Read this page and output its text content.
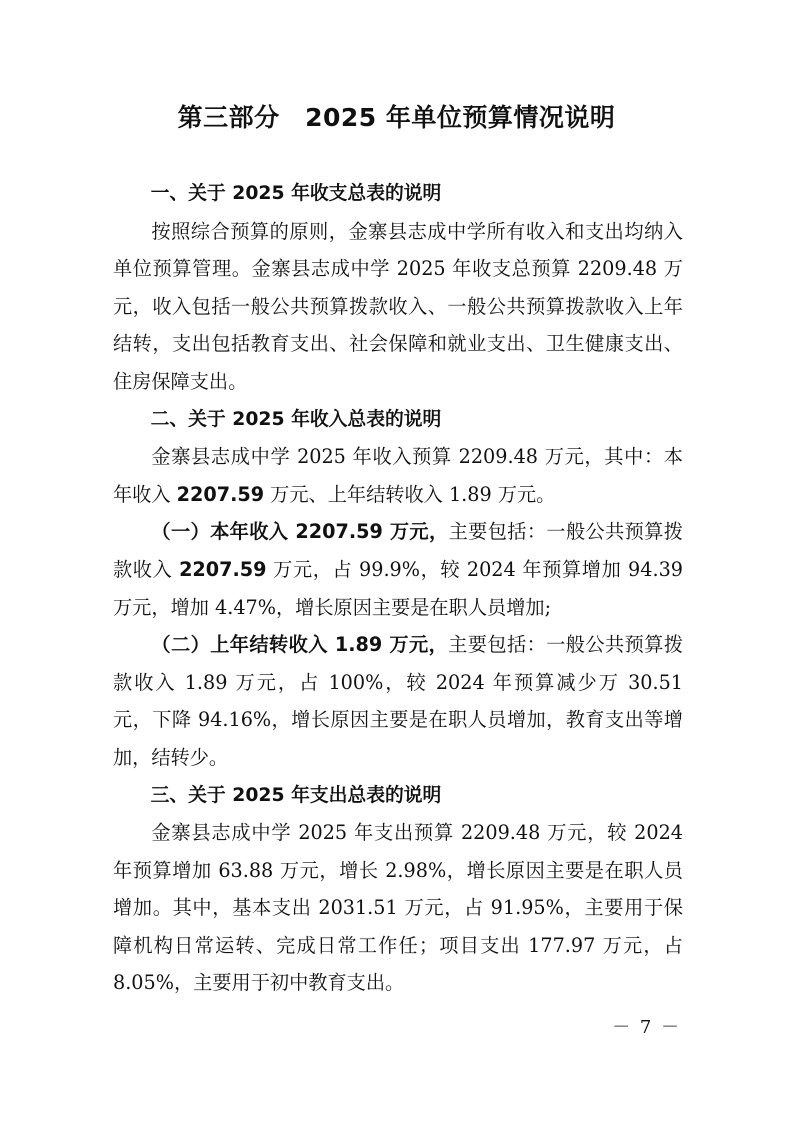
第三部分　2025 年单位预算情况说明

一、关于 2025 年收支总表的说明

按照综合预算的原则，金寨县志成中学所有收入和支出均纳入单位预算管理。金寨县志成中学 2025 年收支总预算 2209.48 万元，收入包括一般公共预算拨款收入、一般公共预算拨款收入上年结转，支出包括教育支出、社会保障和就业支出、卫生健康支出、住房保障支出。

二、关于 2025 年收入总表的说明

金寨县志成中学 2025 年收入预算 2209.48 万元，其中：本年收入 2207.59 万元、上年结转收入 1.89 万元。

（一）本年收入 2207.59 万元，主要包括：一般公共预算拨款收入 2207.59 万元，占 99.9%，较 2024 年预算增加 94.39 万元，增加 4.47%，增长原因主要是在职人员增加;

（二）上年结转收入 1.89 万元，主要包括：一般公共预算拨款收入 1.89 万元，占 100%，较 2024 年预算减少万 30.51 元，下降 94.16%，增长原因主要是在职人员增加，教育支出等增加，结转少。

三、关于 2025 年支出总表的说明

金寨县志成中学 2025 年支出预算 2209.48 万元，较 2024 年预算增加 63.88 万元，增长 2.98%，增长原因主要是在职人员增加。其中，基本支出 2031.51 万元，占 91.95%，主要用于保障机构日常运转、完成日常工作任；项目支出 177.97 万元，占 8.05%，主要用于初中教育支出。

－ 7 －
